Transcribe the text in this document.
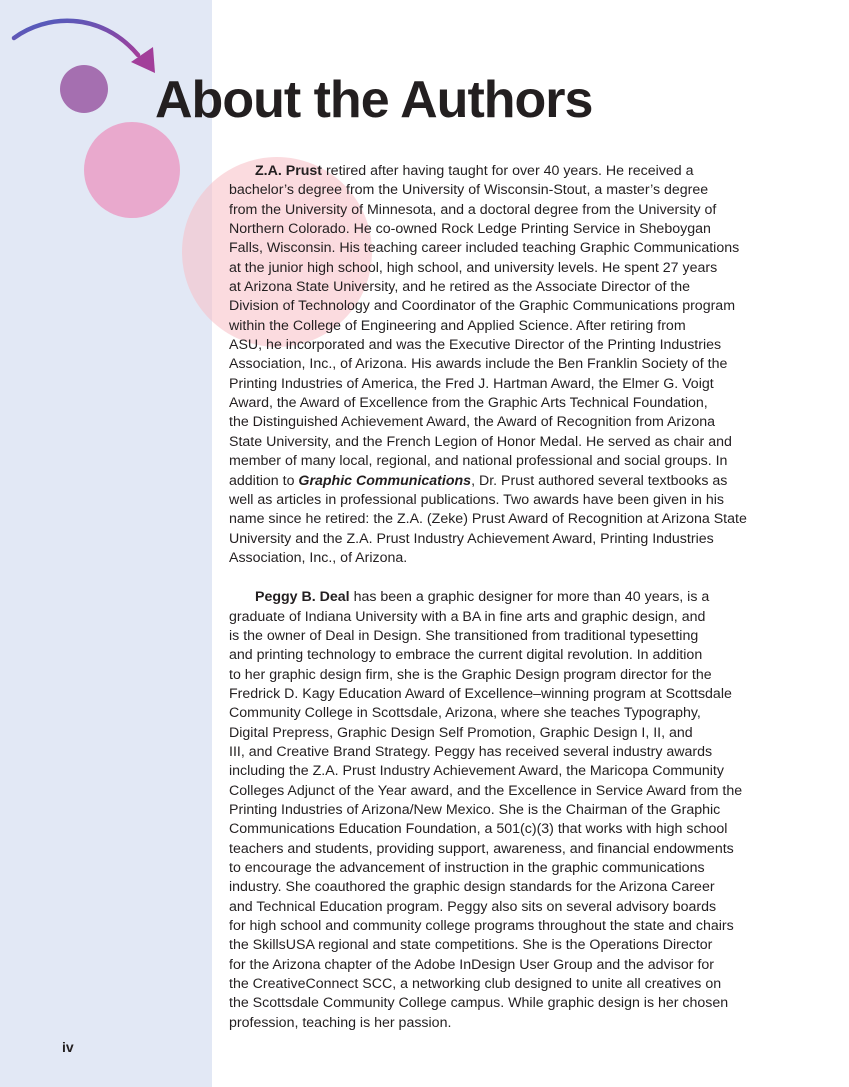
About the Authors

Z.A. Prust retired after having taught for over 40 years. He received a
bachelor’s degree from the University of Wisconsin-Stout, a master’s degree
from the University of Minnesota, and a doctoral degree from the University of
Northern Colorado. He co-owned Rock Ledge Printing Service in Sheboygan
Falls, Wisconsin. His teaching career included teaching Graphic Communications
at the junior high school, high school, and university levels. He spent 27 years
at Arizona State University, and he retired as the Associate Director of the
Division of Technology and Coordinator of the Graphic Communications program
within the College of Engineering and Applied Science. After retiring from
ASU, he incorporated and was the Executive Director of the Printing Industries
Association, Inc., of Arizona. His awards include the Ben Franklin Society of the
Printing Industries of America, the Fred J. Hartman Award, the Elmer G. Voigt
Award, the Award of Excellence from the Graphic Arts Technical Foundation,
the Distinguished Achievement Award, the Award of Recognition from Arizona
State University, and the French Legion of Honor Medal. He served as chair and
member of many local, regional, and national professional and social groups. In
addition to Graphic Communications, Dr. Prust authored several textbooks as
well as articles in professional publications. Two awards have been given in his
name since he retired: the Z.A. (Zeke) Prust Award of Recognition at Arizona State
University and the Z.A. Prust Industry Achievement Award, Printing Industries
Association, Inc., of Arizona.

Peggy B. Deal has been a graphic designer for more than 40 years, is a
graduate of Indiana University with a BA in fine arts and graphic design, and
is the owner of Deal in Design. She transitioned from traditional typesetting
and printing technology to embrace the current digital revolution. In addition
to her graphic design firm, she is the Graphic Design program director for the
Fredrick D. Kagy Education Award of Excellence–winning program at Scottsdale
Community College in Scottsdale, Arizona, where she teaches Typography,
Digital Prepress, Graphic Design Self Promotion, Graphic Design I, II, and
III, and Creative Brand Strategy. Peggy has received several industry awards
including the Z.A. Prust Industry Achievement Award, the Maricopa Community
Colleges Adjunct of the Year award, and the Excellence in Service Award from the
Printing Industries of Arizona/New Mexico. She is the Chairman of the Graphic
Communications Education Foundation, a 501(c)(3) that works with high school
teachers and students, providing support, awareness, and financial endowments
to encourage the advancement of instruction in the graphic communications
industry. She coauthored the graphic design standards for the Arizona Career
and Technical Education program. Peggy also sits on several advisory boards
for high school and community college programs throughout the state and chairs
the SkillsUSA regional and state competitions. She is the Operations Director
for the Arizona chapter of the Adobe InDesign User Group and the advisor for
the CreativeConnect SCC, a networking club designed to unite all creatives on
the Scottsdale Community College campus. While graphic design is her chosen
profession, teaching is her passion.

iv
